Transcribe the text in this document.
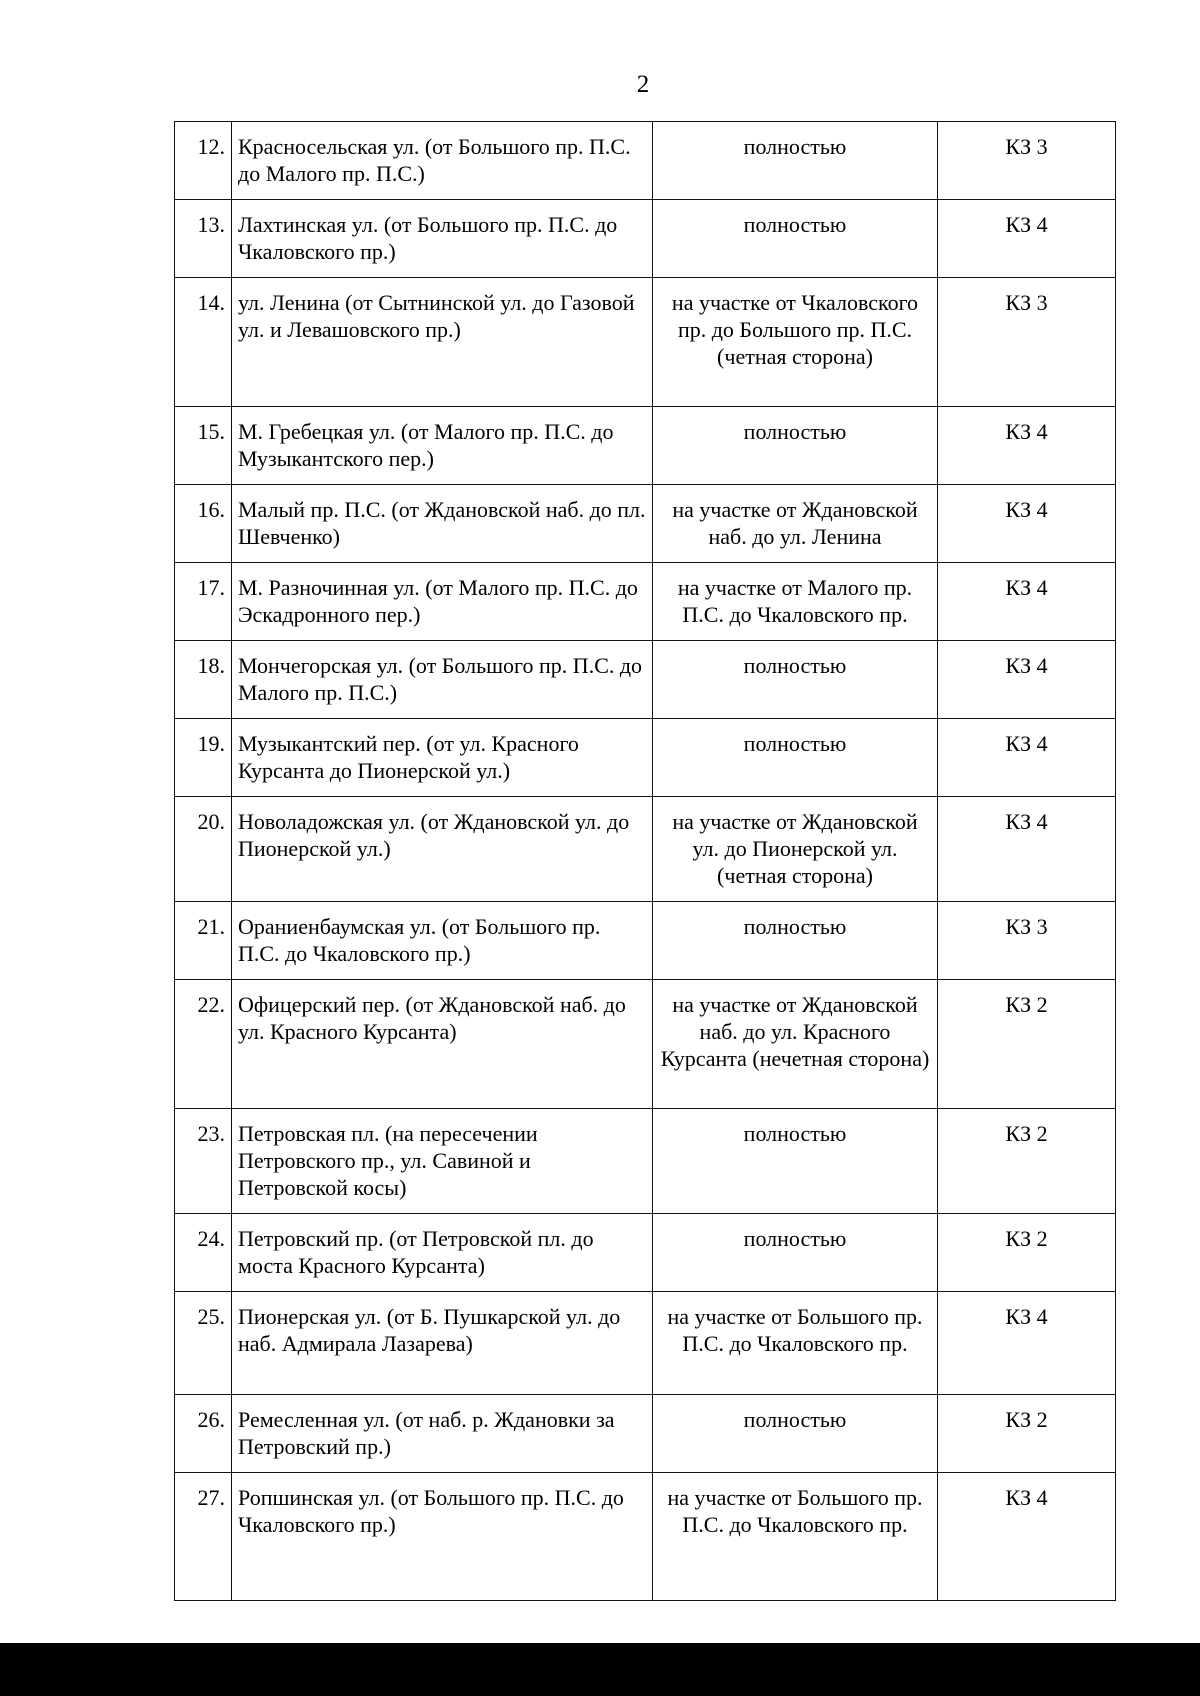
2
12.	Красносельская ул. (от Большого пр. П.С. до Малого пр. П.С.)	полностью	КЗ 3
13.	Лахтинская ул. (от Большого пр. П.С. до Чкаловского пр.)	полностью	КЗ 4
14.	ул. Ленина (от Сытнинской ул. до Газовой ул. и Левашовского пр.)	на участке от Чкаловского пр. до Большого пр. П.С. (четная сторона)	КЗ 3
15.	М. Гребецкая ул. (от Малого пр. П.С. до Музыкантского пер.)	полностью	КЗ 4
16.	Малый пр. П.С. (от Ждановской наб. до пл. Шевченко)	на участке от Ждановской наб. до ул. Ленина	КЗ 4
17.	М. Разночинная ул. (от Малого пр. П.С. до Эскадронного пер.)	на участке от Малого пр. П.С. до Чкаловского пр.	КЗ 4
18.	Мончегорская ул. (от Большого пр. П.С. до Малого пр. П.С.)	полностью	КЗ 4
19.	Музыкантский пер. (от ул. Красного Курсанта до Пионерской ул.)	полностью	КЗ 4
20.	Новоладожская ул. (от Ждановской ул. до Пионерской ул.)	на участке от Ждановской ул. до Пионерской ул. (четная сторона)	КЗ 4
21.	Ораниенбаумская ул. (от Большого пр. П.С. до Чкаловского пр.)	полностью	КЗ 3
22.	Офицерский пер. (от Ждановской наб. до ул. Красного Курсанта)	на участке от Ждановской наб. до ул. Красного Курсанта (нечетная сторона)	КЗ 2
23.	Петровская пл. (на пересечении Петровского пр., ул. Савиной и Петровской косы)	полностью	КЗ 2
24.	Петровский пр. (от Петровской пл. до моста Красного Курсанта)	полностью	КЗ 2
25.	Пионерская ул. (от Б. Пушкарской ул. до наб. Адмирала Лазарева)	на участке от Большого пр. П.С. до Чкаловского пр.	КЗ 4
26.	Ремесленная ул. (от наб. р. Ждановки за Петровский пр.)	полностью	КЗ 2
27.	Ропшинская ул. (от Большого пр. П.С. до Чкаловского пр.)	на участке от Большого пр. П.С. до Чкаловского пр.	КЗ 4
